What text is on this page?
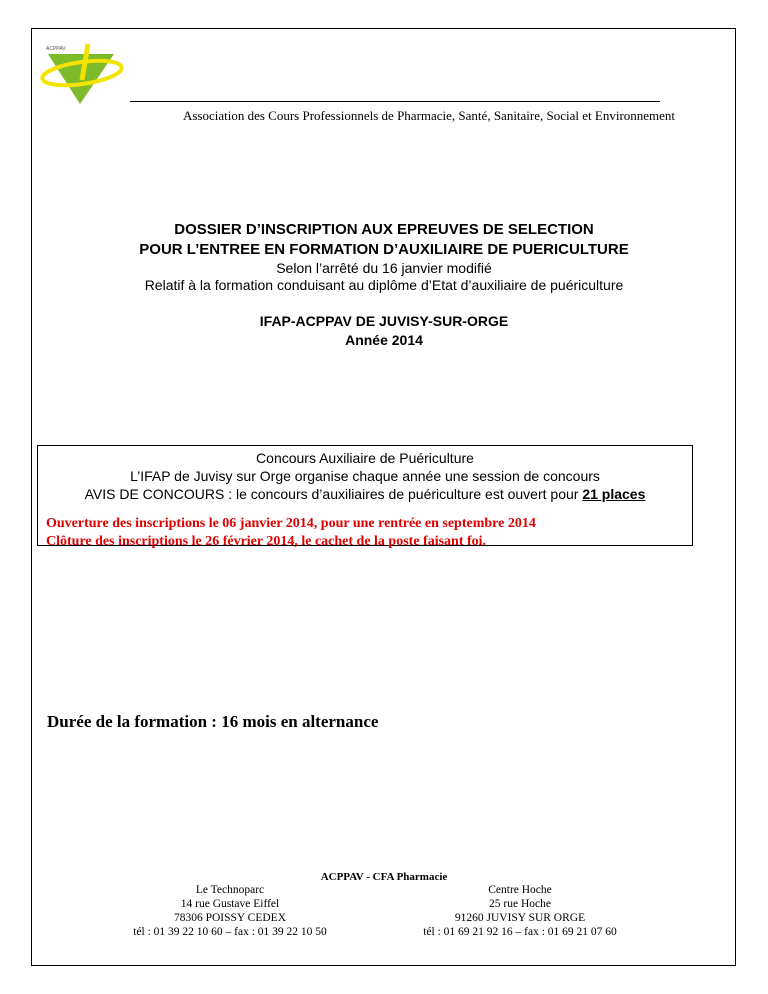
ACPPAV
Association des Cours Professionnels de Pharmacie, Santé, Sanitaire, Social et Environnement
DOSSIER D’INSCRIPTION AUX EPREUVES DE SELECTION
POUR L’ENTREE EN FORMATION D’AUXILIAIRE DE PUERICULTURE
Selon l’arrêté du 16 janvier modifié
Relatif à la formation conduisant au diplôme d’Etat d’auxiliaire de puériculture
IFAP-ACPPAV DE JUVISY-SUR-ORGE
Année 2014
Concours Auxiliaire de Puériculture
L’IFAP de Juvisy sur Orge organise chaque année une session de concours
AVIS DE CONCOURS : le concours d’auxiliaires de puériculture est ouvert pour 21 places
Ouverture des inscriptions le 06 janvier 2014, pour une rentrée en septembre 2014
Clôture des inscriptions le 26 février 2014, le cachet de la poste faisant foi.
Durée de la formation : 16 mois en alternance
ACPPAV - CFA Pharmacie
Le Technoparc
14 rue Gustave Eiffel
78306 POISSY CEDEX
tél : 01 39 22 10 60 – fax : 01 39 22 10 50
Centre Hoche
25 rue Hoche
91260 JUVISY SUR ORGE
tél : 01 69 21 92 16 – fax : 01 69 21 07 60
